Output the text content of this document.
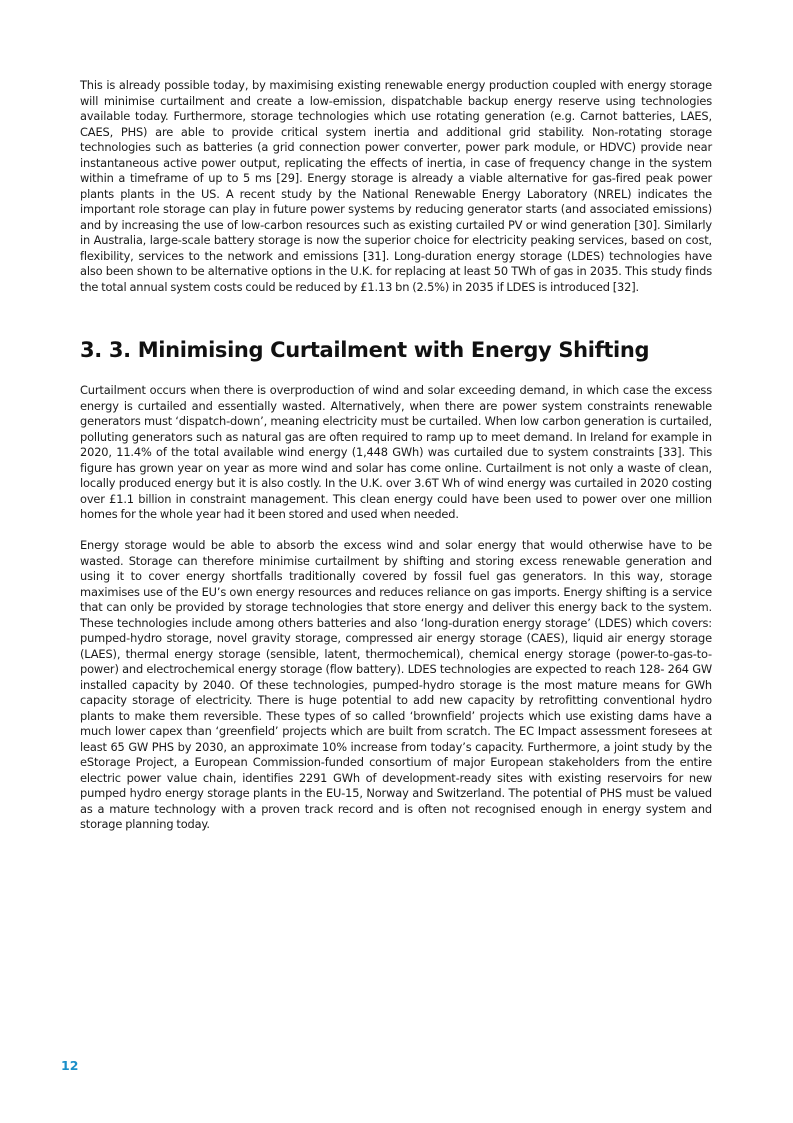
This is already possible today, by maximising existing renewable energy production coupled with energy storage will minimise curtailment and create a low-emission, dispatchable backup energy reserve using technologies available today. Furthermore, storage technologies which use rotating generation (e.g. Carnot batteries, LAES, CAES, PHS) are able to provide critical system inertia and additional grid stability. Non-rotating storage technologies such as batteries (a grid connection power converter, power park module, or HDVC) provide near instantaneous active power output, replicating the effects of inertia, in case of frequency change in the system within a timeframe of up to 5 ms [29]. Energy storage is already a viable alternative for gas-fired peak power plants plants in the US. A recent study by the National Renewable Energy Laboratory (NREL) indicates the important role storage can play in future power systems by reducing generator starts (and associated emissions) and by increasing the use of low-carbon resources such as existing curtailed PV or wind generation [30]. Similarly in Australia, large-scale battery storage is now the superior choice for electricity peaking services, based on cost, flexibility, services to the network and emissions [31]. Long-duration energy storage (LDES) technologies have also been shown to be alternative options in the U.K. for replacing at least 50 TWh of gas in 2035. This study finds the total annual system costs could be reduced by £1.13 bn (2.5%) in 2035 if LDES is introduced [32].

3. 3. Minimising Curtailment with Energy Shifting

Curtailment occurs when there is overproduction of wind and solar exceeding demand, in which case the excess energy is curtailed and essentially wasted. Alternatively, when there are power system constraints renewable generators must ‘dispatch-down’, meaning electricity must be curtailed. When low carbon generation is curtailed, polluting generators such as natural gas are often required to ramp up to meet demand. In Ireland for example in 2020, 11.4% of the total available wind energy (1,448 GWh) was curtailed due to system constraints [33]. This figure has grown year on year as more wind and solar has come online. Curtailment is not only a waste of clean, locally produced energy but it is also costly. In the U.K. over 3.6T Wh of wind energy was curtailed in 2020 costing over £1.1 billion in constraint management. This clean energy could have been used to power over one million homes for the whole year had it been stored and used when needed.

Energy storage would be able to absorb the excess wind and solar energy that would otherwise have to be wasted. Storage can therefore minimise curtailment by shifting and storing excess renewable generation and using it to cover energy shortfalls traditionally covered by fossil fuel gas generators. In this way, storage maximises use of the EU’s own energy resources and reduces reliance on gas imports. Energy shifting is a service that can only be provided by storage technologies that store energy and deliver this energy back to the system. These technologies include among others batteries and also ‘long-duration energy storage’ (LDES) which covers: pumped-hydro storage, novel gravity storage, compressed air energy storage (CAES), liquid air energy storage (LAES), thermal energy storage (sensible, latent, thermochemical), chemical energy storage (power-to-gas-to-power) and electrochemical energy storage (flow battery). LDES technologies are expected to reach 128- 264 GW installed capacity by 2040. Of these technologies, pumped-hydro storage is the most mature means for GWh capacity storage of electricity. There is huge potential to add new capacity by retrofitting conventional hydro plants to make them reversible. These types of so called ‘brownfield’ projects which use existing dams have a much lower capex than ‘greenfield’ projects which are built from scratch. The EC Impact assessment foresees at least 65 GW PHS by 2030, an approximate 10% increase from today’s capacity. Furthermore, a joint study by the eStorage Project, a European Commission-funded consortium of major European stakeholders from the entire electric power value chain, identifies 2291 GWh of development-ready sites with existing reservoirs for new pumped hydro energy storage plants in the EU-15, Norway and Switzerland. The potential of PHS must be valued as a mature technology with a proven track record and is often not recognised enough in energy system and storage planning today.

12
